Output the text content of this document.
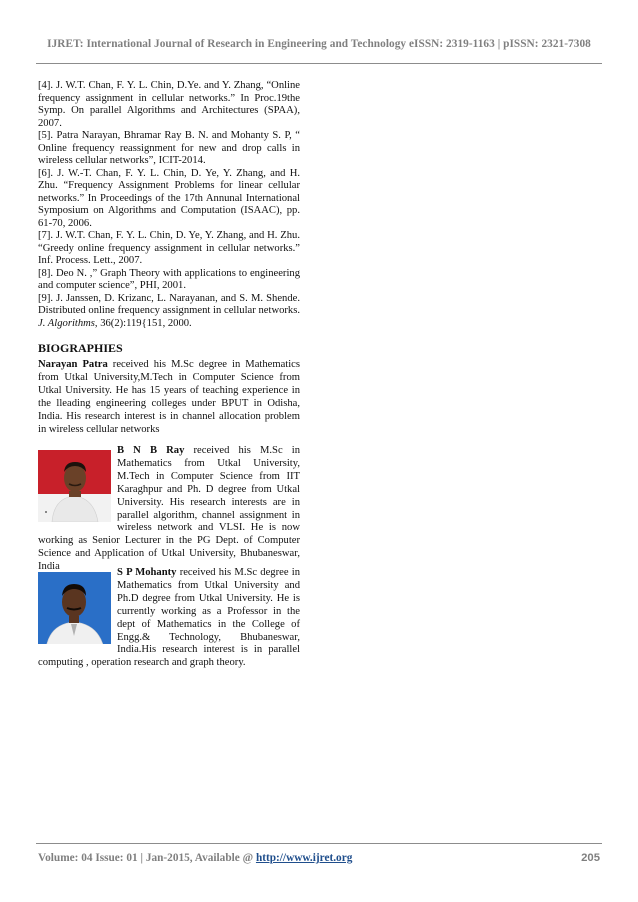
IJRET: International Journal of Research in Engineering and Technology eISSN: 2319-1163 | pISSN: 2321-7308

[4]. J. W.T. Chan, F. Y. L. Chin, D.Ye. and Y. Zhang, “Online frequency assignment in cellular networks.” In Proc.19the Symp. On parallel Algorithms and Architectures (SPAA), 2007.

[5]. Patra Narayan, Bhramar Ray B. N. and Mohanty S. P, “ Online frequency reassignment for new and drop calls in wireless cellular networks”, ICIT-2014.

[6]. J. W.-T. Chan, F. Y. L. Chin, D. Ye, Y. Zhang, and H. Zhu. “Frequency Assignment Problems for linear cellular networks.” In Proceedings of the 17th Annunal International Symposium on Algorithms and Computation (ISAAC), pp. 61-70, 2006.

[7]. J. W.T. Chan, F. Y. L. Chin, D. Ye, Y. Zhang, and H. Zhu. “Greedy online frequency assignment in cellular networks.” Inf. Process. Lett., 2007.

[8]. Deo N. ,” Graph Theory with applications to engineering and computer science”, PHI, 2001.

[9]. J. Janssen, D. Krizanc, L. Narayanan, and S. M. Shende. Distributed online frequency assignment in cellular networks. J. Algorithms, 36(2):119{151, 2000.

BIOGRAPHIES
Narayan Patra received his M.Sc degree in Mathematics from Utkal University,M.Tech in Computer Science from Utkal University. He has 15 years of teaching experience in the lleading engineering colleges under BPUT in Odisha, India. His research interest is in channel allocation problem in wireless cellular networks
B N B Ray received his M.Sc in Mathematics from Utkal University, M.Tech in Computer Science from IIT Karaghpur and Ph. D degree from Utkal University. His research interests are in parallel algorithm, channel assignment in wireless network and VLSI. He is now working as Senior Lecturer in the PG Dept. of Computer Science and Application of Utkal University, Bhubaneswar, India
S P Mohanty received his M.Sc degree in Mathematics from Utkal University and Ph.D degree from Utkal University. He is currently working as a Professor in the dept of Mathematics in the College of Engg.& Technology, Bhubaneswar, India.His research interest is in parallel computing , operation research and graph theory.
Volume: 04 Issue: 01 | Jan-2015, Available @ http://www.ijret.org	205
